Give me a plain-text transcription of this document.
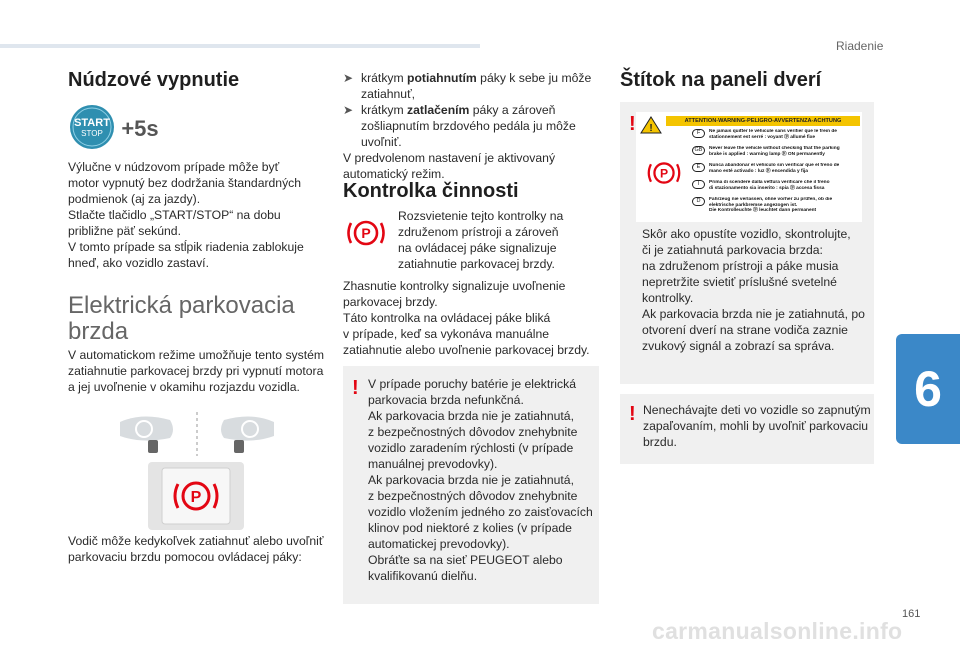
Riadenie
6
161
carmanualsonline.info
Núdzové vypnutie
START
STOP +5s

Výlučne v núdzovom prípade môže byť

motor vypnutý bez dodržania štandardných

podmienok (aj za jazdy).

Stlačte tlačidlo „START/STOP“ na dobu

približne päť sekúnd.

V tomto prípade sa stĺpik riadenia zablokuje

hneď, ako vozidlo zastaví.

Elektrická parkovacia
brzda

V automatickom režime umožňuje tento systém

zatiahnutie parkovacej brzdy pri vypnutí motora

a jej uvoľnenie v okamihu rozjazdu vozidla.

P

Vodič môže kedykoľvek zatiahnuť alebo uvoľniť

parkovaciu brzdu pomocou ovládacej páky:

➤ krátkym potiahnutím páky k sebe ju môže
zatiahnuť,
➤ krátkym zatlačením páky a zároveň
zošliapnutím brzdového pedála ju môže
uvoľniť.

V predvolenom nastavení je aktivovaný

automatický režim.

Kontrolka činnosti
P

Rozsvietenie tejto kontrolky na

združenom prístroji a zároveň

na ovládacej páke signalizuje

zatiahnutie parkovacej brzdy.

Zhasnutie kontrolky signalizuje uvoľnenie

parkovacej brzdy.

Táto kontrolka na ovládacej páke bliká

v prípade, keď sa vykonáva manuálne

zatiahnutie alebo uvoľnenie parkovacej brzdy.

! V prípade poruchy batérie je elektrická

parkovacia brzda nefunkčná.

Ak parkovacia brzda nie je zatiahnutá,

z bezpečnostných dôvodov znehybnite

vozidlo zaradením rýchlosti (v prípade

manuálnej prevodovky).

Ak parkovacia brzda nie je zatiahnutá,

z bezpečnostných dôvodov znehybnite

vozidlo vložením jedného zo zaisťovacích

klinov pod niektoré z kolies (v prípade

automatickej prevodovky).

Obráťte sa na sieť PEUGEOT alebo

kvalifikovanú dielňu.

Štítok na paneli dverí
! !
ATTENTION-WARNING-PELIGRO-AVVERTENZA-ACHTUNG
P
F	Ne jamais quitter le véhicule sans vérifier que le frein de
stationnement est serré : voyant ⓟ allumé fixe
GB	Never leave the vehicle without checking that the parking
brake is applied : warning lamp ⓟ ON permanently
E	Nunca abandonar el vehículo sin verificar que el freno de
mano esté activado : luz ⓟ encendida y fija
I	Prima di scendere dalla vettura verificare che il freno
di stazionamento sia inserito : spia ⓟ accesa fissa
D	Fahrzeug nie verlassen, ohne vorher zu prüfen, ob die
elektrische parkbremse angezogen ist.
Die Kontrolleuchte ⓟ leuchtet dann permanent

Skôr ako opustíte vozidlo, skontrolujte,

či je zatiahnutá parkovacia brzda:

na združenom prístroji a páke musia

nepretržite svietiť príslušné svetelné

kontrolky.

Ak parkovacia brzda nie je zatiahnutá, po

otvorení dverí na strane vodiča zaznie

zvukový signál a zobrazí sa správa.

! Nenechávajte deti vo vozidle so zapnutým

zapaľovaním, mohli by uvoľniť parkovaciu

brzdu.
